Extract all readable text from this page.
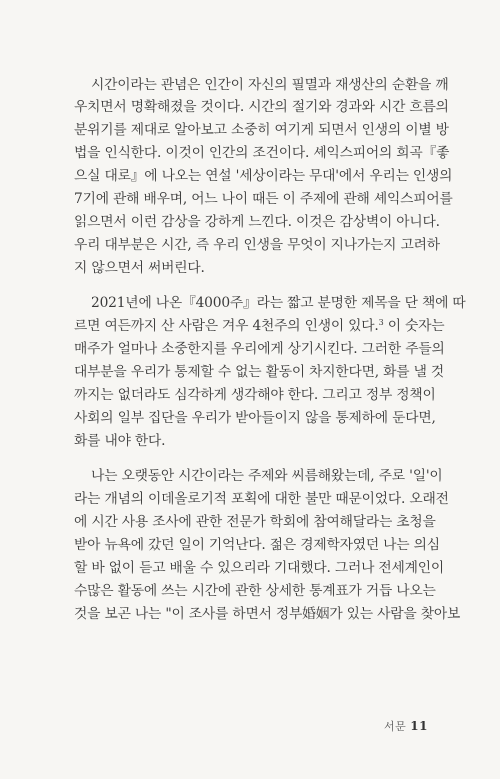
시간이라는 관념은 인간이 자신의 필멸과 재생산의 순환을 깨
우치면서 명확해졌을 것이다. 시간의 절기와 경과와 시간 흐름의
분위기를 제대로 알아보고 소중히 여기게 되면서 인생의 이별 방
법을 인식한다. 이것이 인간의 조건이다. 셰익스피어의 희곡『좋
으실 대로』에 나오는 연설 '세상이라는 무대'에서 우리는 인생의
7기에 관해 배우며, 어느 나이 때든 이 주제에 관해 셰익스피어를
읽으면서 이런 감상을 강하게 느낀다. 이것은 감상벽이 아니다.
우리 대부분은 시간, 즉 우리 인생을 무엇이 지나가는지 고려하
지 않으면서 써버린다.
2021년에 나온『4000주』라는 짧고 분명한 제목을 단 책에 따
르면 여든까지 산 사람은 겨우 4천주의 인생이 있다.$^3$ 이 숫자는
매주가 얼마나 소중한지를 우리에게 상기시킨다. 그러한 주들의
대부분을 우리가 통제할 수 없는 활동이 차지한다면, 화를 낼 것
까지는 없더라도 심각하게 생각해야 한다. 그리고 정부 정책이
사회의 일부 집단을 우리가 받아들이지 않을 통제하에 둔다면,
화를 내야 한다.
나는 오랫동안 시간이라는 주제와 씨름해왔는데, 주로 '일'이
라는 개념의 이데올로기적 포획에 대한 불만 때문이었다. 오래전
에 시간 사용 조사에 관한 전문가 학회에 참여해달라는 초청을
받아 뉴욕에 갔던 일이 기억난다. 젊은 경제학자였던 나는 의심
할 바 없이 듣고 배울 수 있으리라 기대했다. 그러나 전세계인이
수많은 활동에 쓰는 시간에 관한 상세한 통계표가 거듭 나오는
것을 보곤 나는 "이 조사를 하면서 정부婚姻가 있는 사람을 찾아보
서문 11
